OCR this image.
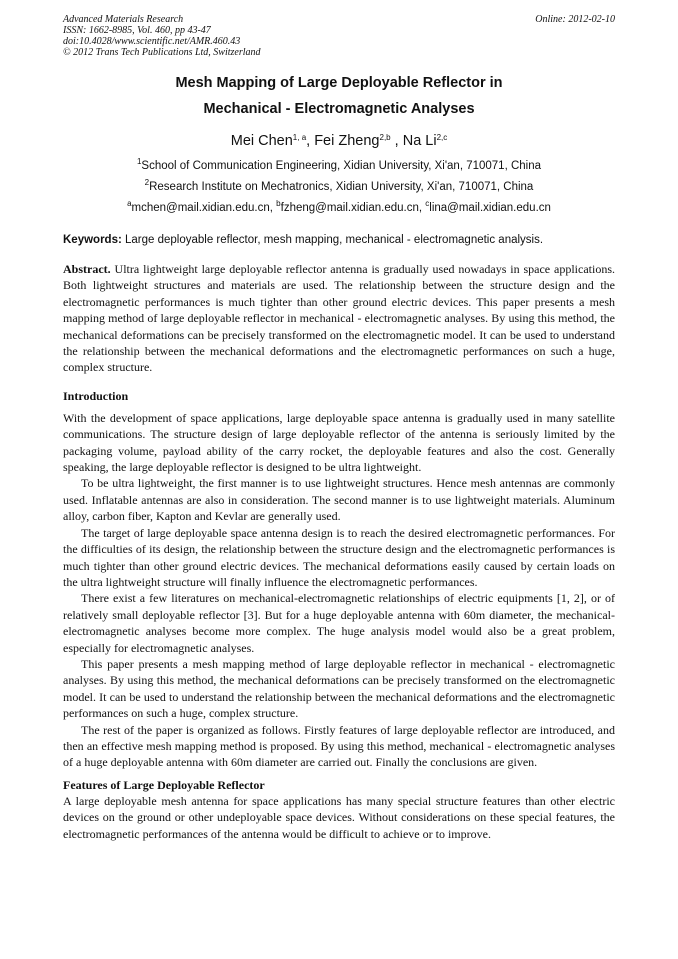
Advanced Materials Research
ISSN: 1662-8985, Vol. 460, pp 43-47
doi:10.4028/www.scientific.net/AMR.460.43
© 2012 Trans Tech Publications Ltd, Switzerland
Online: 2012-02-10
Mesh Mapping of Large Deployable Reflector in
Mechanical - Electromagnetic Analyses
Mei Chen$^{1, a}$, Fei Zheng$^{2,b}$ , Na Li$^{2,c}$
$^1$School of Communication Engineering, Xidian University, Xi'an, 710071, China
$^2$Research Institute on Mechatronics, Xidian University, Xi'an, 710071, China
$^a$mchen@mail.xidian.edu.cn, $^b$fzheng@mail.xidian.edu.cn, $^c$lina@mail.xidian.edu.cn
Keywords: Large deployable reflector, mesh mapping, mechanical - electromagnetic analysis.
Abstract. Ultra lightweight large deployable reflector antenna is gradually used nowadays in space applications. Both lightweight structures and materials are used. The relationship between the structure design and the electromagnetic performances is much tighter than other ground electric devices. This paper presents a mesh mapping method of large deployable reflector in mechanical - electromagnetic analyses. By using this method, the mechanical deformations can be precisely transformed on the electromagnetic model. It can be used to understand the relationship between the mechanical deformations and the electromagnetic performances on such a huge, complex structure.
Introduction

With the development of space applications, large deployable space antenna is gradually used in many satellite communications. The structure design of large deployable reflector of the antenna is seriously limited by the packaging volume, payload ability of the carry rocket, the deployable features and also the cost. Generally speaking, the large deployable reflector is designed to be ultra lightweight.

To be ultra lightweight, the first manner is to use lightweight structures. Hence mesh antennas are commonly used. Inflatable antennas are also in consideration. The second manner is to use lightweight materials. Aluminum alloy, carbon fiber, Kapton and Kevlar are generally used.

The target of large deployable space antenna design is to reach the desired electromagnetic performances. For the difficulties of its design, the relationship between the structure design and the electromagnetic performances is much tighter than other ground electric devices. The mechanical deformations easily caused by certain loads on the ultra lightweight structure will finally influence the electromagnetic performances.

There exist a few literatures on mechanical-electromagnetic relationships of electric equipments [1, 2], or of relatively small deployable reflector [3]. But for a huge deployable antenna with 60m diameter, the mechanical-electromagnetic analyses become more complex. The huge analysis model would also be a great problem, especially for electromagnetic analyses.

This paper presents a mesh mapping method of large deployable reflector in mechanical - electromagnetic analyses. By using this method, the mechanical deformations can be precisely transformed on the electromagnetic model. It can be used to understand the relationship between the mechanical deformations and the electromagnetic performances on such a huge, complex structure.

The rest of the paper is organized as follows. Firstly features of large deployable reflector are introduced, and then an effective mesh mapping method is proposed. By using this method, mechanical - electromagnetic analyses of a huge deployable antenna with 60m diameter are carried out. Finally the conclusions are given.

Features of Large Deployable Reflector

A large deployable mesh antenna for space applications has many special structure features than other electric devices on the ground or other undeployable space devices. Without considerations on these special features, the electromagnetic performances of the antenna would be difficult to achieve or to improve.
